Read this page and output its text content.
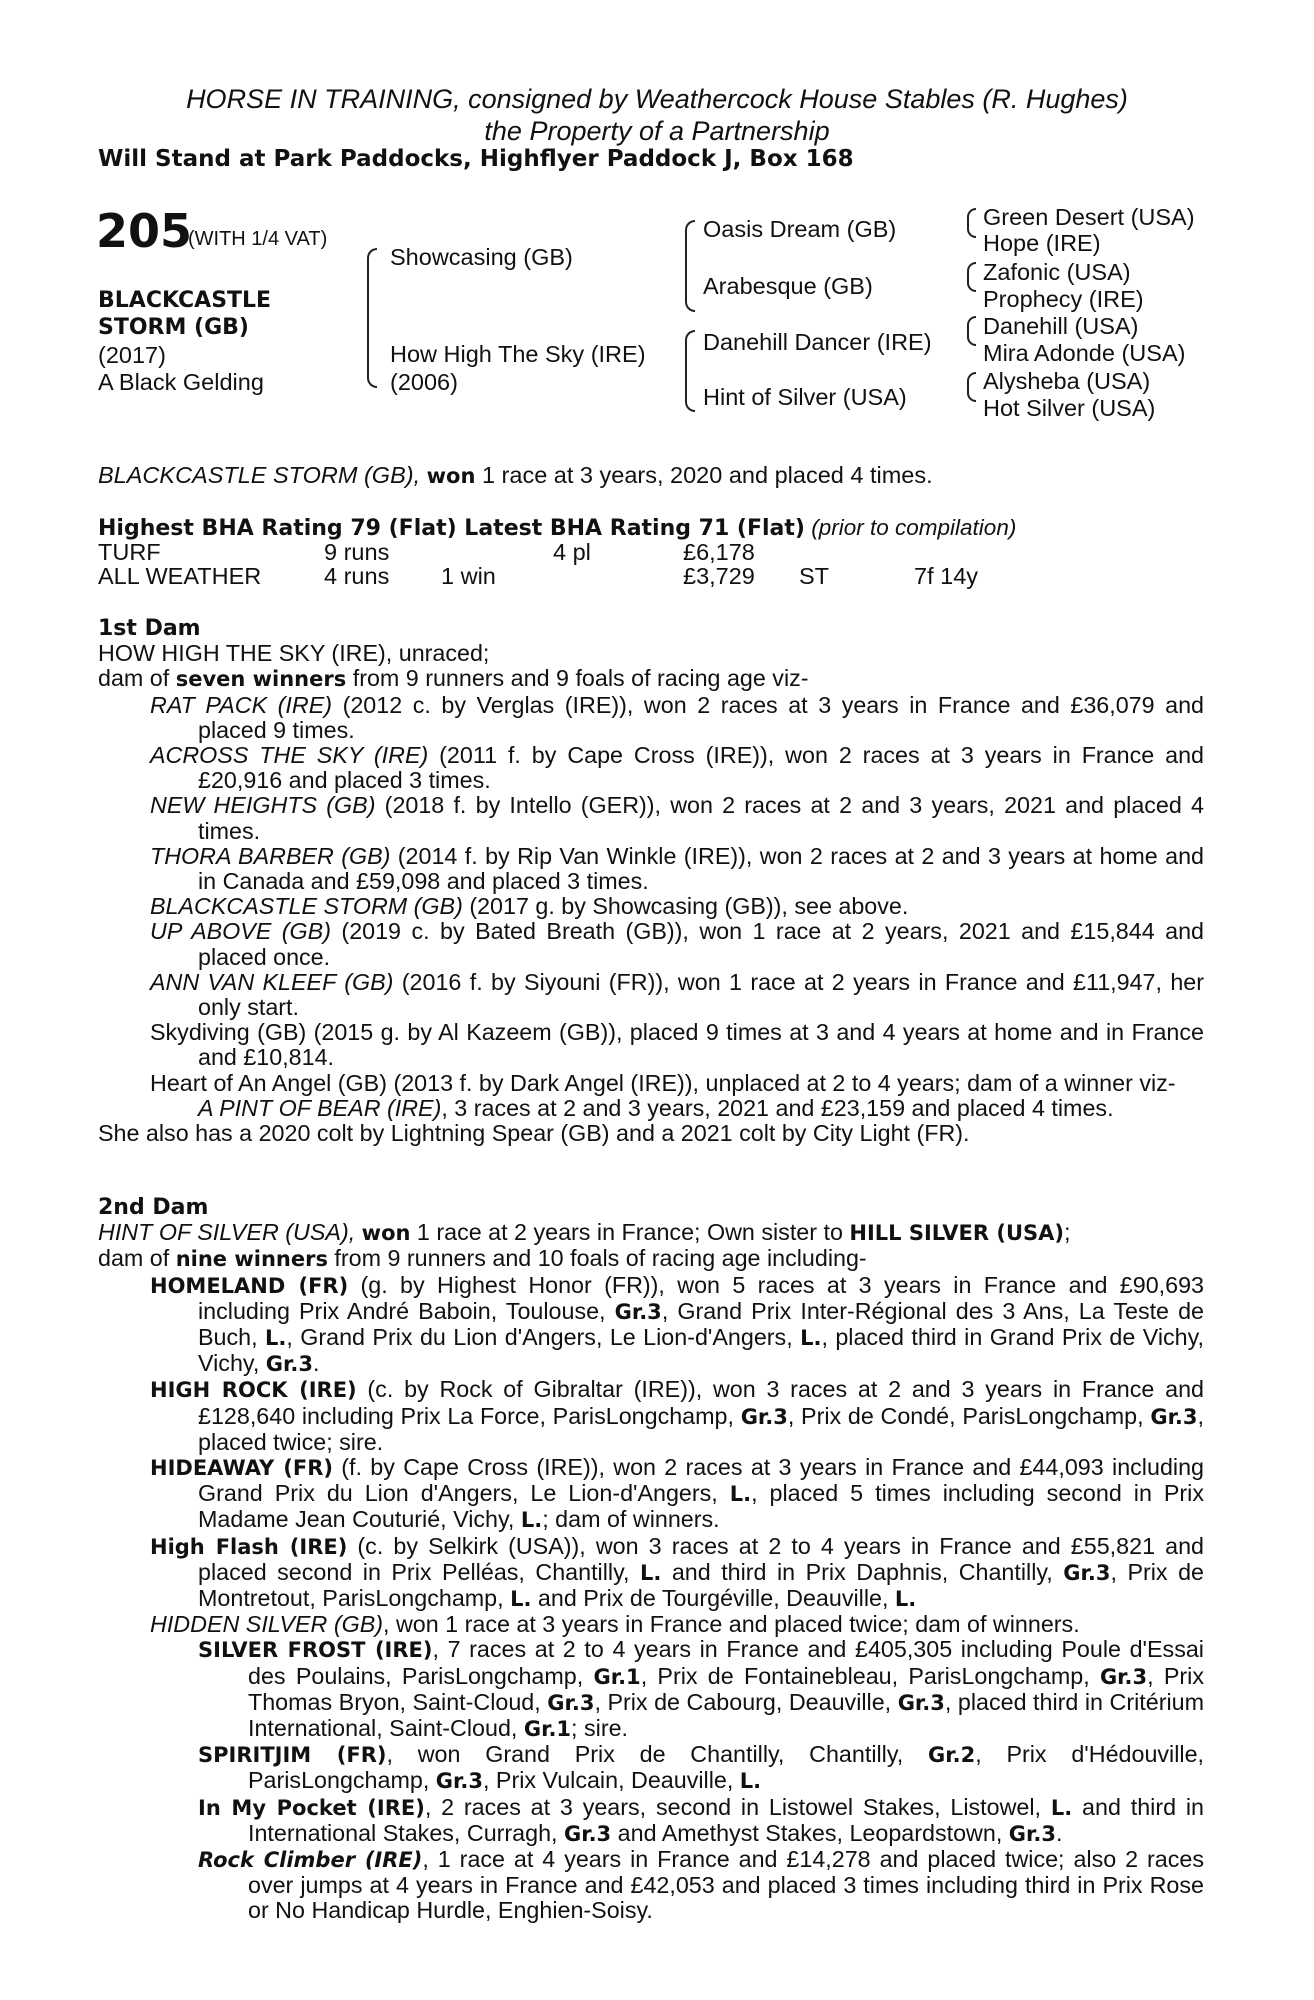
HORSE IN TRAINING, consigned by Weathercock House Stables (R. Hughes)
the Property of a Partnership
Will Stand at Park Paddocks, Highflyer Paddock J, Box 168
205
(WITH 1/4 VAT)
BLACKCASTLE
STORM (GB)
(2017)
A Black Gelding
Showcasing (GB)
How High The Sky (IRE)
(2006)
Oasis Dream (GB)
Arabesque (GB)
Danehill Dancer (IRE)
Hint of Silver (USA)
Green Desert (USA)
Hope (IRE)
Zafonic (USA)
Prophecy (IRE)
Danehill (USA)
Mira Adonde (USA)
Alysheba (USA)
Hot Silver (USA)
BLACKCASTLE STORM (GB), won 1 race at 3 years, 2020 and placed 4 times.
Highest BHA Rating 79 (Flat) Latest BHA Rating 71 (Flat) (prior to compilation)
TURF	9 runs	4 pl	£6,178
ALL WEATHER	4 runs 1 win	£3,729 ST	7f 14y
1st Dam
HOW HIGH THE SKY (IRE), unraced;
dam of seven winners from 9 runners and 9 foals of racing age viz-
RAT PACK (IRE) (2012 c. by Verglas (IRE)), won 2 races at 3 years in France and £36,079 and placed 9 times.
ACROSS THE SKY (IRE) (2011 f. by Cape Cross (IRE)), won 2 races at 3 years in France and £20,916 and placed 3 times.
NEW HEIGHTS (GB) (2018 f. by Intello (GER)), won 2 races at 2 and 3 years, 2021 and placed 4 times.
THORA BARBER (GB) (2014 f. by Rip Van Winkle (IRE)), won 2 races at 2 and 3 years at home and in Canada and £59,098 and placed 3 times.
BLACKCASTLE STORM (GB) (2017 g. by Showcasing (GB)), see above.
UP ABOVE (GB) (2019 c. by Bated Breath (GB)), won 1 race at 2 years, 2021 and £15,844 and placed once.
ANN VAN KLEEF (GB) (2016 f. by Siyouni (FR)), won 1 race at 2 years in France and £11,947, her only start.
Skydiving (GB) (2015 g. by Al Kazeem (GB)), placed 9 times at 3 and 4 years at home and in France and £10,814.
Heart of An Angel (GB) (2013 f. by Dark Angel (IRE)), unplaced at 2 to 4 years; dam of a winner viz-
A PINT OF BEAR (IRE), 3 races at 2 and 3 years, 2021 and £23,159 and placed 4 times.
She also has a 2020 colt by Lightning Spear (GB) and a 2021 colt by City Light (FR).
2nd Dam
HINT OF SILVER (USA), won 1 race at 2 years in France; Own sister to HILL SILVER (USA);
dam of nine winners from 9 runners and 10 foals of racing age including-
HOMELAND (FR) (g. by Highest Honor (FR)), won 5 races at 3 years in France and £90,693 including Prix André Baboin, Toulouse, Gr.3, Grand Prix Inter-Régional des 3 Ans, La Teste de Buch, L., Grand Prix du Lion d'Angers, Le Lion-d'Angers, L., placed third in Grand Prix de Vichy, Vichy, Gr.3.
HIGH ROCK (IRE) (c. by Rock of Gibraltar (IRE)), won 3 races at 2 and 3 years in France and £128,640 including Prix La Force, ParisLongchamp, Gr.3, Prix de Condé, ParisLongchamp, Gr.3, placed twice; sire.
HIDEAWAY (FR) (f. by Cape Cross (IRE)), won 2 races at 3 years in France and £44,093 including Grand Prix du Lion d'Angers, Le Lion-d'Angers, L., placed 5 times including second in Prix Madame Jean Couturié, Vichy, L.; dam of winners.
High Flash (IRE) (c. by Selkirk (USA)), won 3 races at 2 to 4 years in France and £55,821 and placed second in Prix Pelléas, Chantilly, L. and third in Prix Daphnis, Chantilly, Gr.3, Prix de Montretout, ParisLongchamp, L. and Prix de Tourgéville, Deauville, L.
HIDDEN SILVER (GB), won 1 race at 3 years in France and placed twice; dam of winners.
SILVER FROST (IRE), 7 races at 2 to 4 years in France and £405,305 including Poule d'Essai des Poulains, ParisLongchamp, Gr.1, Prix de Fontainebleau, ParisLongchamp, Gr.3, Prix Thomas Bryon, Saint-Cloud, Gr.3, Prix de Cabourg, Deauville, Gr.3, placed third in Critérium International, Saint-Cloud, Gr.1; sire.
SPIRITJIM (FR), won Grand Prix de Chantilly, Chantilly, Gr.2, Prix d'Hédouville, ParisLongchamp, Gr.3, Prix Vulcain, Deauville, L.
In My Pocket (IRE), 2 races at 3 years, second in Listowel Stakes, Listowel, L. and third in International Stakes, Curragh, Gr.3 and Amethyst Stakes, Leopardstown, Gr.3.
Rock Climber (IRE), 1 race at 4 years in France and £14,278 and placed twice; also 2 races over jumps at 4 years in France and £42,053 and placed 3 times including third in Prix Rose or No Handicap Hurdle, Enghien-Soisy.
